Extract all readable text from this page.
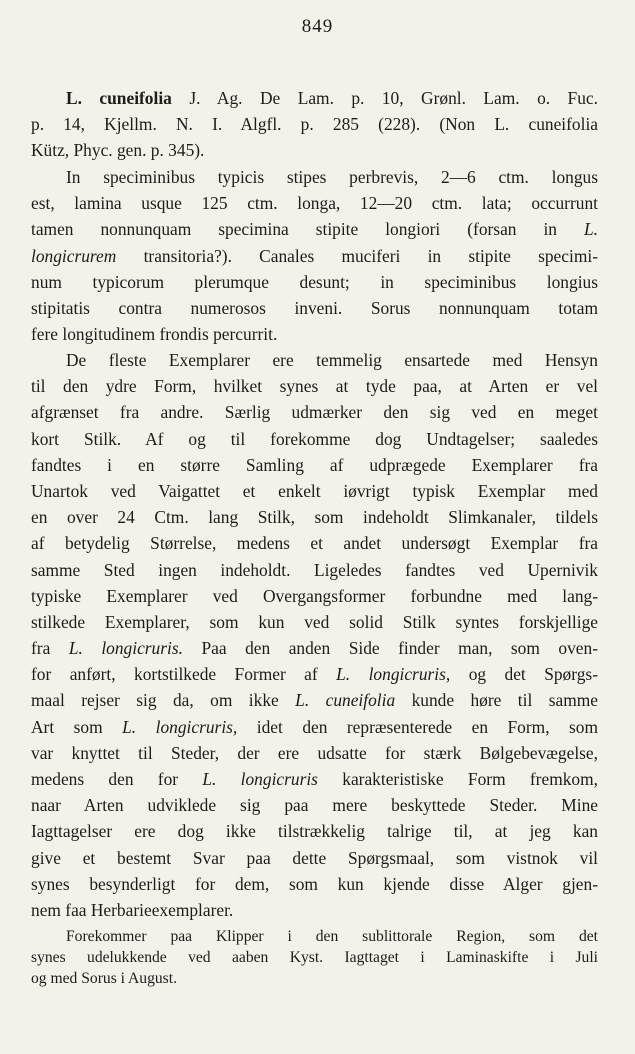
849
L. cuneifolia J. Ag. De Lam. p. 10, Grønl. Lam. o. Fuc.
p. 14, Kjellm. N. I. Algfl. p. 285 (228). (Non L. cuneifolia
Kütz, Phyc. gen. p. 345).
In speciminibus typicis stipes perbrevis, 2—6 ctm. longus
est, lamina usque 125 ctm. longa, 12—20 ctm. lata; occurrunt
tamen nonnunquam specimina stipite longiori (forsan in L.
longicrurem transitoria?). Canales muciferi in stipite specimi-
num typicorum plerumque desunt; in speciminibus longius
stipitatis contra numerosos inveni. Sorus nonnunquam totam
fere longitudinem frondis percurrit.
De fleste Exemplarer ere temmelig ensartede med Hensyn
til den ydre Form, hvilket synes at tyde paa, at Arten er vel
afgrænset fra andre. Særlig udmærker den sig ved en meget
kort Stilk. Af og til forekomme dog Undtagelser; saaledes
fandtes i en større Samling af udprægede Exemplarer fra
Unartok ved Vaigattet et enkelt iøvrigt typisk Exemplar med
en over 24 Ctm. lang Stilk, som indeholdt Slimkanaler, tildels
af betydelig Størrelse, medens et andet undersøgt Exemplar fra
samme Sted ingen indeholdt. Ligeledes fandtes ved Upernivik
typiske Exemplarer ved Overgangsformer forbundne med lang-
stilkede Exemplarer, som kun ved solid Stilk syntes forskjellige
fra L. longicruris. Paa den anden Side finder man, som oven-
for anført, kortstilkede Former af L. longicruris, og det Spørgs-
maal rejser sig da, om ikke L. cuneifolia kunde høre til samme
Art som L. longicruris, idet den repræsenterede en Form, som
var knyttet til Steder, der ere udsatte for stærk Bølgebevægelse,
medens den for L. longicruris karakteristiske Form fremkom,
naar Arten udviklede sig paa mere beskyttede Steder. Mine
Iagttagelser ere dog ikke tilstrækkelig talrige til, at jeg kan
give et bestemt Svar paa dette Spørgsmaal, som vistnok vil
synes besynderligt for dem, som kun kjende disse Alger gjen-
nem faa Herbarieexemplarer.
Forekommer paa Klipper i den sublittorale Region, som det
synes udelukkende ved aaben Kyst. Iagttaget i Laminaskifte i Juli
og med Sorus i August.
